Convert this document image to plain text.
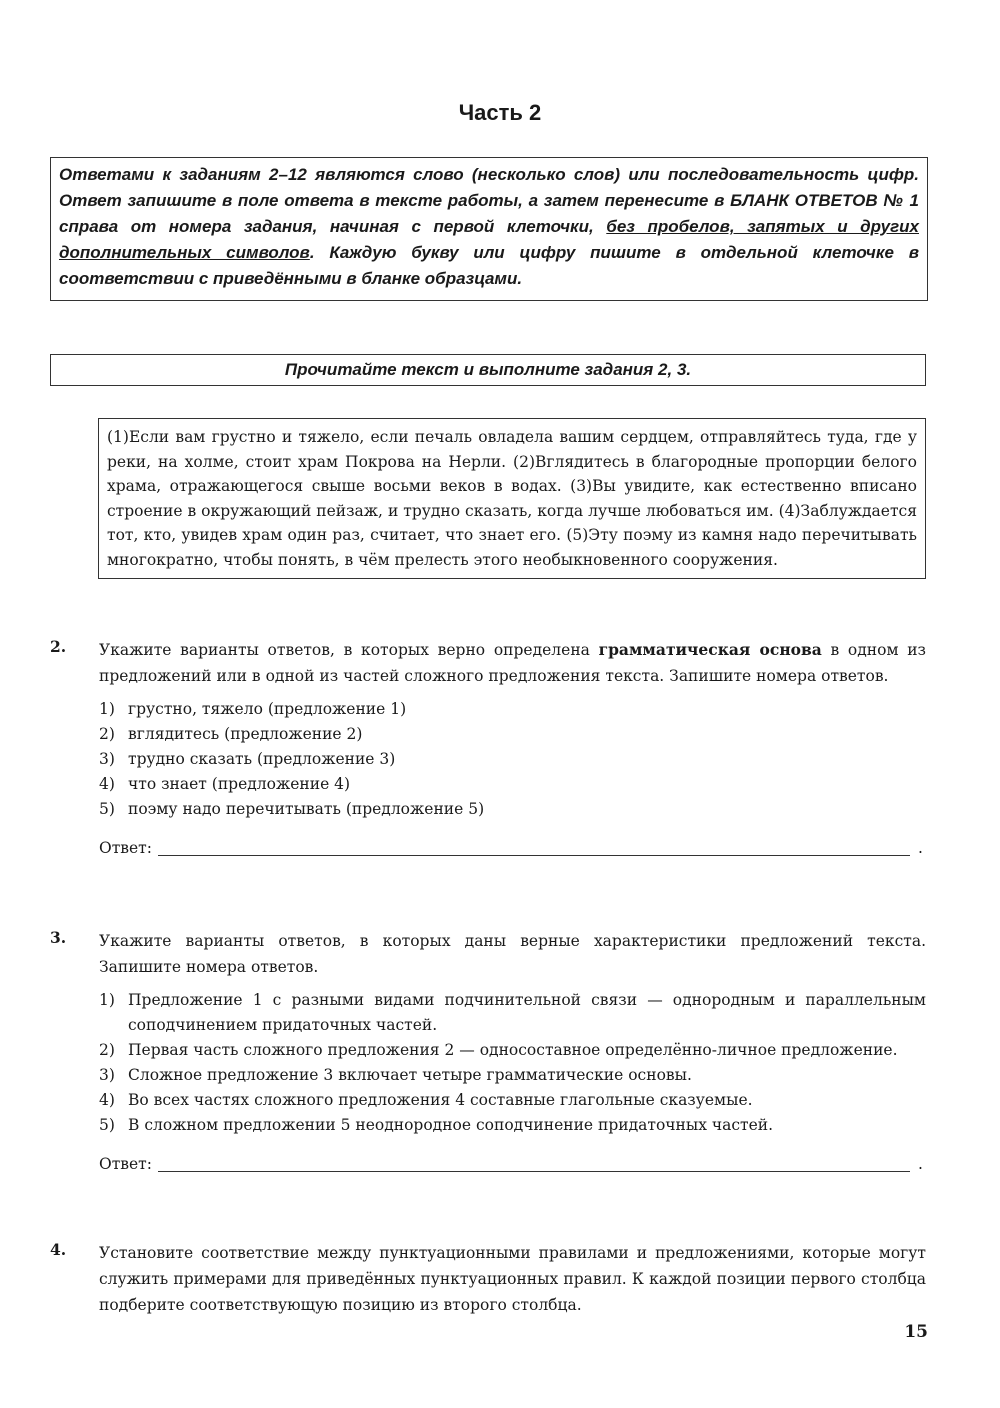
Часть 2
Ответами к заданиям 2–12 являются слово (несколько слов) или последовательность цифр. Ответ запишите в поле ответа в тексте работы, а затем перенесите в БЛАНК ОТВЕТОВ № 1 справа от номера задания, начиная с первой клеточки, без пробелов, запятых и других дополнительных символов. Каждую букву или цифру пишите в отдельной клеточке в соответствии с приведёнными в бланке образцами.
Прочитайте текст и выполните задания 2, 3.
(1)Если вам грустно и тяжело, если печаль овладела вашим сердцем, отправляйтесь туда, где у реки, на холме, стоит храм Покрова на Нерли. (2)Вглядитесь в благородные пропорции белого храма, отражающегося свыше восьми веков в водах. (3)Вы увидите, как естественно вписано строение в окружающий пейзаж, и трудно сказать, когда лучше любоваться им. (4)Заблуждается тот, кто, увидев храм один раз, считает, что знает его. (5)Эту поэму из камня надо перечитывать многократно, чтобы понять, в чём прелесть этого необыкновенного сооружения.
2. Укажите варианты ответов, в которых верно определена грамматическая основа в одном из предложений или в одной из частей сложного предложения текста. Запишите номера ответов.
1) грустно, тяжело (предложение 1)
2) вглядитесь (предложение 2)
3) трудно сказать (предложение 3)
4) что знает (предложение 4)
5) поэму надо перечитывать (предложение 5)
Ответ:	.
3. Укажите варианты ответов, в которых даны верные характеристики предложений текста. Запишите номера ответов.
1) Предложение 1 с разными видами подчинительной связи — однородным и параллельным соподчинением придаточных частей.
2) Первая часть сложного предложения 2 — односоставное определённо-личное предложение.
3) Сложное предложение 3 включает четыре грамматические основы.
4) Во всех частях сложного предложения 4 составные глагольные сказуемые.
5) В сложном предложении 5 неоднородное соподчинение придаточных частей.
Ответ:	.
4. Установите соответствие между пунктуационными правилами и предложениями, которые могут служить примерами для приведённых пунктуационных правил. К каждой позиции первого столбца подберите соответствующую позицию из второго столбца.
15
